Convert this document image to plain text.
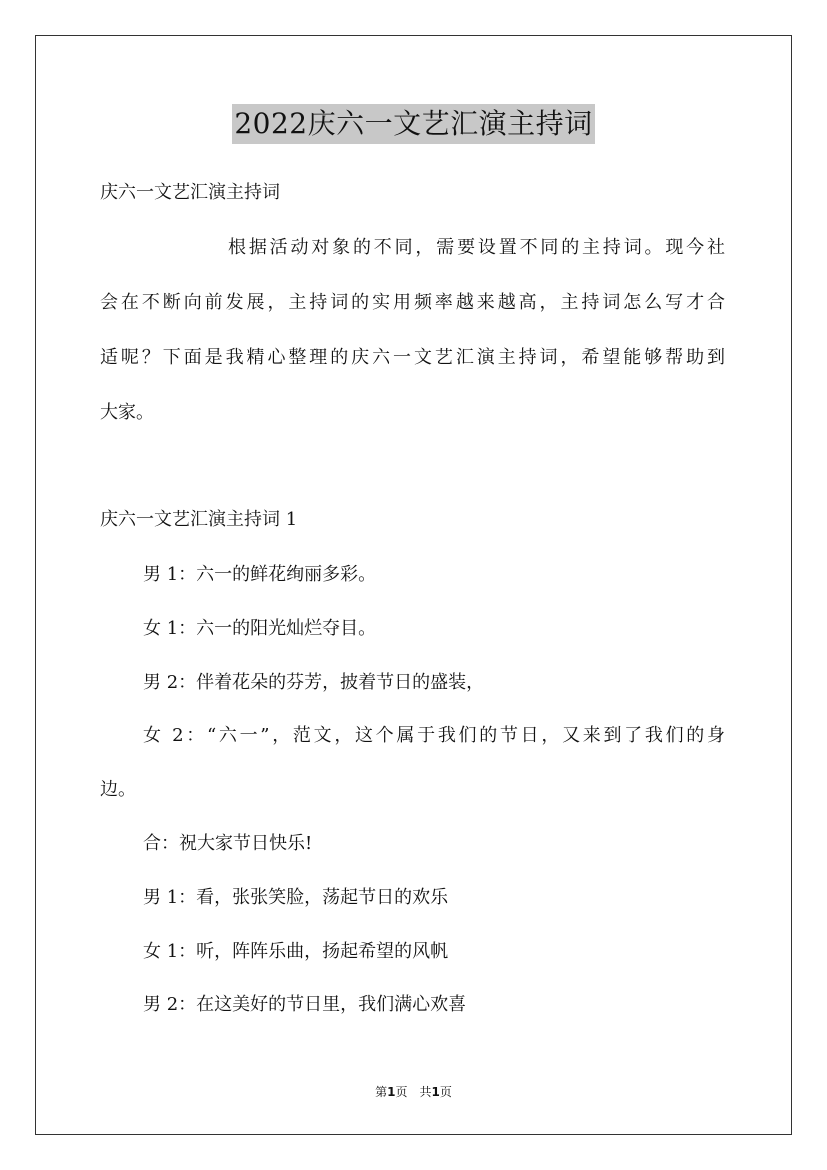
2022庆六一文艺汇演主持词

庆六一文艺汇演主持词

根据活动对象的不同，需要设置不同的主持词。现今社

会在不断向前发展，主持词的实用频率越来越高，主持词怎么写才合

适呢？下面是我精心整理的庆六一文艺汇演主持词，希望能够帮助到

大家。

庆六一文艺汇演主持词 1

男 1：六一的鲜花绚丽多彩。

女 1：六一的阳光灿烂夺目。

男 2：伴着花朵的芬芳，披着节日的盛装，

女 2：“六一”，范文，这个属于我们的节日，又来到了我们的身

边。

合：祝大家节日快乐!

男 1：看，张张笑脸，荡起节日的欢乐

女 1：听，阵阵乐曲，扬起希望的风帆

男 2：在这美好的节日里，我们满心欢喜

第1页　共1页
